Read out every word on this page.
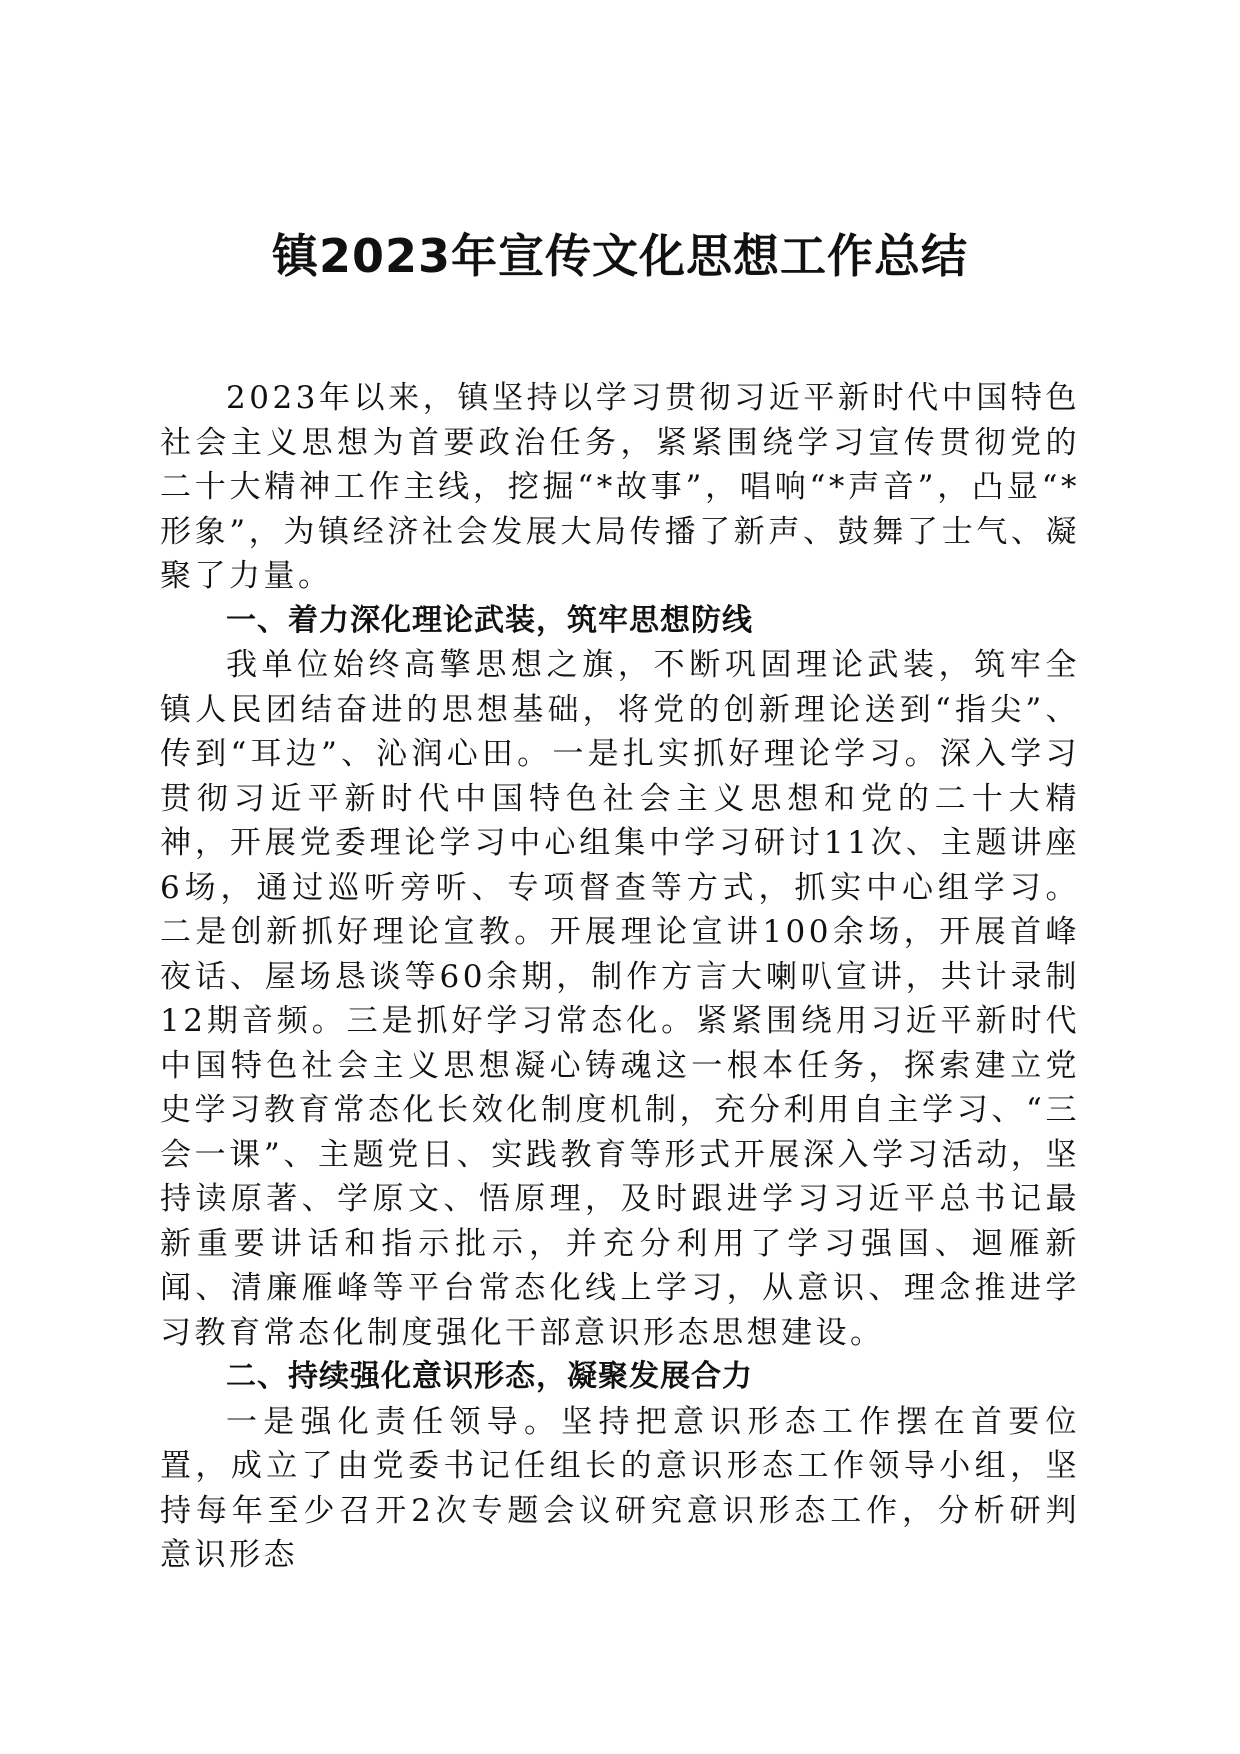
镇2023年宣传文化思想工作总结

2023年以来，镇坚持以学习贯彻习近平新时代中国特色社会主义思想为首要政治任务，紧紧围绕学习宣传贯彻党的二十大精神工作主线，挖掘“*故事”，唱响“*声音”，凸显“*形象”，为镇经济社会发展大局传播了新声、鼓舞了士气、凝聚了力量。

一、着力深化理论武装，筑牢思想防线

我单位始终高擎思想之旗，不断巩固理论武装，筑牢全镇人民团结奋进的思想基础，将党的创新理论送到“指尖”、传到“耳边”、沁润心田。一是扎实抓好理论学习。深入学习贯彻习近平新时代中国特色社会主义思想和党的二十大精神，开展党委理论学习中心组集中学习研讨11次、主题讲座6场，通过巡听旁听、专项督查等方式，抓实中心组学习。二是创新抓好理论宣教。开展理论宣讲100余场，开展首峰夜话、屋场恳谈等60余期，制作方言大喇叭宣讲，共计录制12期音频。三是抓好学习常态化。紧紧围绕用习近平新时代中国特色社会主义思想凝心铸魂这一根本任务，探索建立党史学习教育常态化长效化制度机制，充分利用自主学习、“三会一课”、主题党日、实践教育等形式开展深入学习活动，坚持读原著、学原文、悟原理，及时跟进学习习近平总书记最新重要讲话和指示批示，并充分利用了学习强国、迴雁新闻、清廉雁峰等平台常态化线上学习，从意识、理念推进学习教育常态化制度强化干部意识形态思想建设。

二、持续强化意识形态，凝聚发展合力

一是强化责任领导。坚持把意识形态工作摆在首要位置，成立了由党委书记任组长的意识形态工作领导小组，坚持每年至少召开2次专题会议研究意识形态工作，分析研判意识形态
